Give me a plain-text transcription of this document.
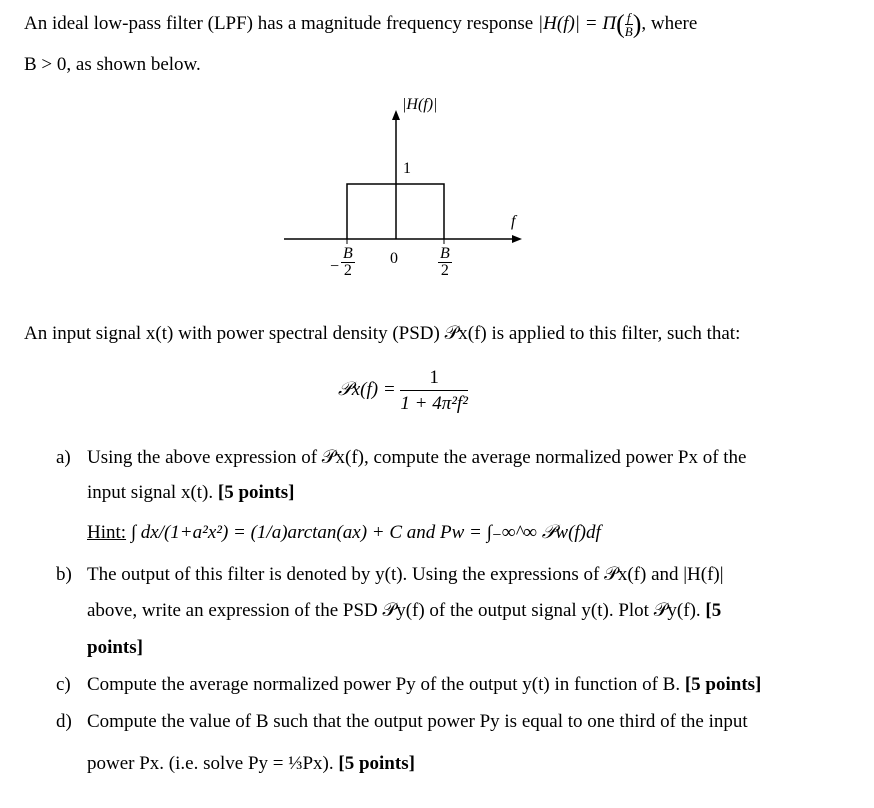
An ideal low-pass filter (LPF) has a magnitude frequency response $|H(f)| = \Pi( \frac{f}{B}$ ), where
B > 0, as shown below.
|H(f)|
f
1
− $\frac{B}{2} 0$	$\frac{B}{2}$
An input signal x(t) with power spectral density (PSD) 𝒫x(f) is applied to this filter, such that:
𝒫x(f) = $\frac{1}{\text{1 + 4π²f²}}$
a) Using the above expression of 𝒫x(f), compute the average normalized power Px of the
input signal x(t). [5 points]
Hint: ∫ dx/(1+a²x²) = (1/a)arctan(ax) + C and Pw = ∫₋∞^∞ 𝒫w(f)df
b) The output of this filter is denoted by y(t). Using the expressions of 𝒫x(f) and |H(f)|
above, write an expression of the PSD 𝒫y(f) of the output signal y(t). Plot 𝒫y(f). [5
points]
c) Compute the average normalized power Py of the output y(t) in function of B. [5 points]
d) Compute the value of B such that the output power Py is equal to one third of the input
power Px. (i.e. solve Py = ⅓Px). [5 points]
